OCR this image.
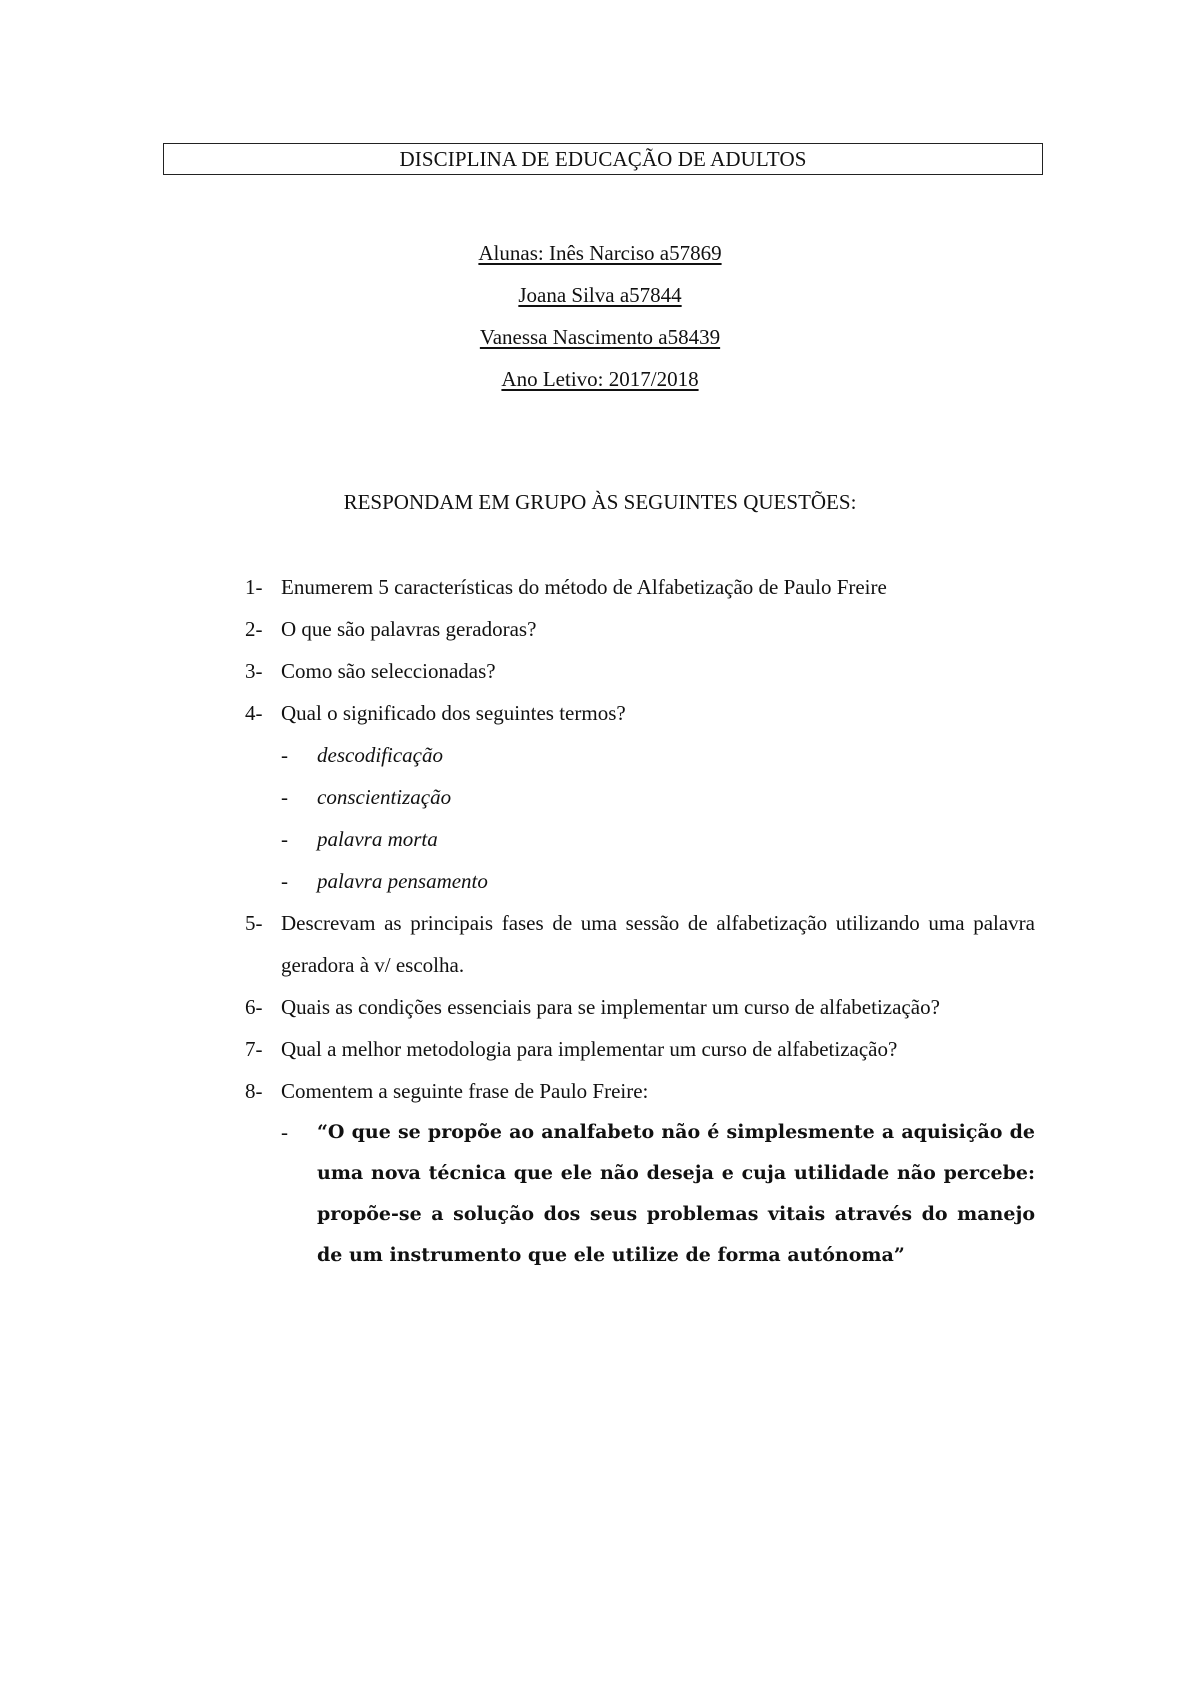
DISCIPLINA DE EDUCAÇÃO DE ADULTOS
Alunas: Inês Narciso a57869
Joana Silva a57844
Vanessa Nascimento a58439
Ano Letivo: 2017/2018
RESPONDAM EM GRUPO ÀS SEGUINTES QUESTÕES:
1- Enumerem 5 características do método de Alfabetização de Paulo Freire
2- O que são palavras geradoras?
3- Como são seleccionadas?
4- Qual o significado dos seguintes termos?
- descodificação
- conscientização
- palavra morta
- palavra pensamento
5- Descrevam as principais fases de uma sessão de alfabetização utilizando uma palavra geradora à v/ escolha.
6- Quais as condições essenciais para se implementar um curso de alfabetização?
7- Qual a melhor metodologia para implementar um curso de alfabetização?
8- Comentem a seguinte frase de Paulo Freire:
- “O que se propõe ao analfabeto não é simplesmente a aquisição de uma nova técnica que ele não deseja e cuja utilidade não percebe: propõe-se a solução dos seus problemas vitais através do manejo de um instrumento que ele utilize de forma autónoma”
